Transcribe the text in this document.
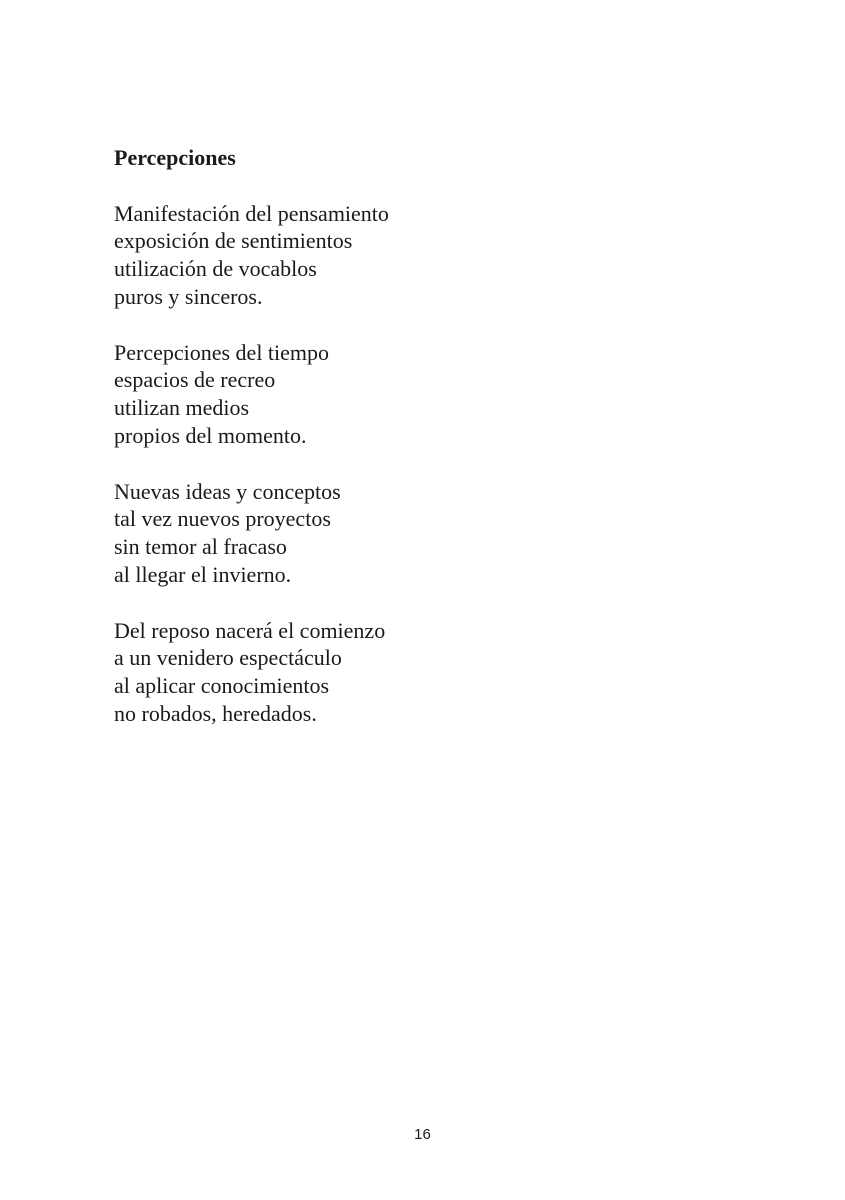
Percepciones
Manifestación del pensamiento
exposición de sentimientos
utilización de vocablos
puros y sinceros.
Percepciones del tiempo
espacios de recreo
utilizan medios
propios del momento.
Nuevas ideas y conceptos
tal vez nuevos proyectos
sin temor al fracaso
al llegar el invierno.
Del reposo nacerá el comienzo
a un venidero espectáculo
al aplicar conocimientos
no robados, heredados.
16
